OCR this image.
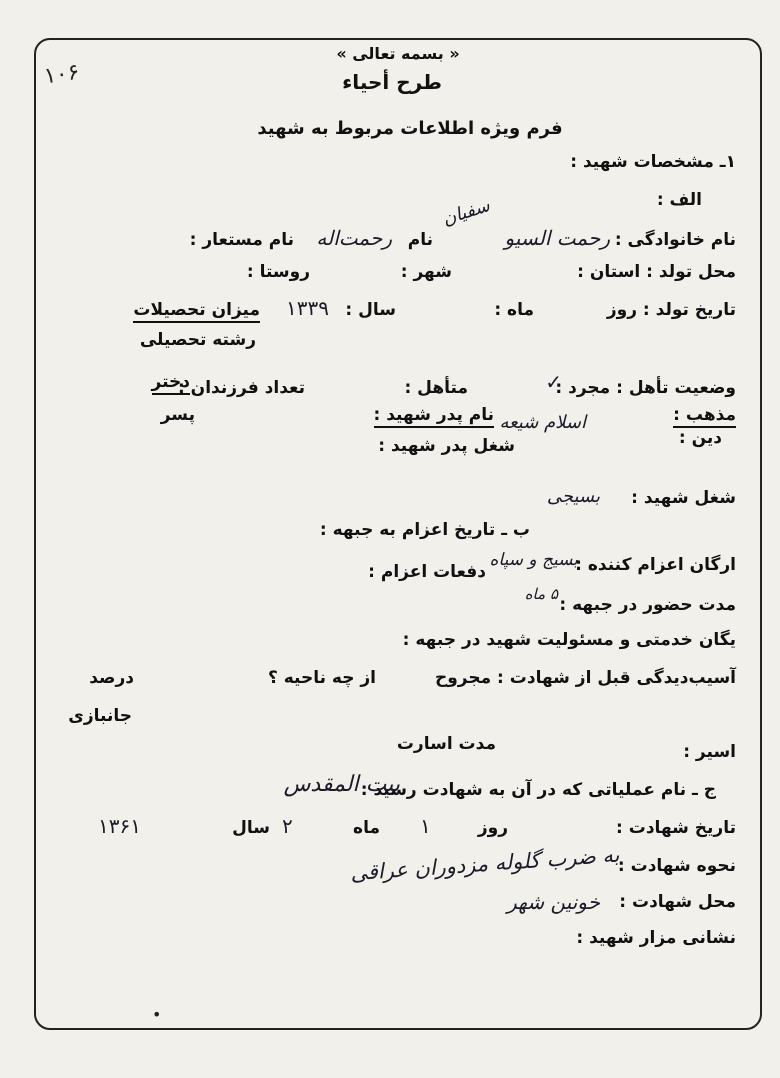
۱۰۶
« بسمه تعالی »
طرح أحياء
فرم ویژه اطلاعات مربوط به شهید
۱ـ مشخصات شهید :
الف :
سفیان
نام خانوادگی :
رحمت السیو
نام
رحمت‌اله
نام مستعار :
محل تولد : استان :
شهر :
روستا :
تاریخ تولد : روز
ماه :
سال :
۱۳۳۹
میزان تحصیلات
رشته تحصیلی
وضعیت تأهل : مجرد :
✓
متأهل :
تعداد فرزندان :
دختر
مذهب :
اسلام شیعه
نام پدر شهید :
پسر
دین :
شغل پدر شهید :
شغل شهید :
بسیجی
ب ـ تاریخ اعزام به جبهه :
ارگان اعزام کننده :
بسیج و سپاه
دفعات اعزام :
مدت حضور در جبهه :
۵ ماه
یگان خدمتی و مسئولیت شهید در جبهه :
آسیب‌دیدگی قبل از شهادت : مجروح
از چه ناحیه ؟
درصد
جانبازی
اسیر :
مدت اسارت
ج ـ نام عملیاتی که در آن به شهادت رسید :
بیت المقدس
تاریخ شهادت :
۱	روز
۲	ماه
سال
۱۳۶۱
نحوه شهادت :
به ضرب گلوله مزدوران عراقی
محل شهادت :
خونین شهر
نشانی مزار شهید :
•
